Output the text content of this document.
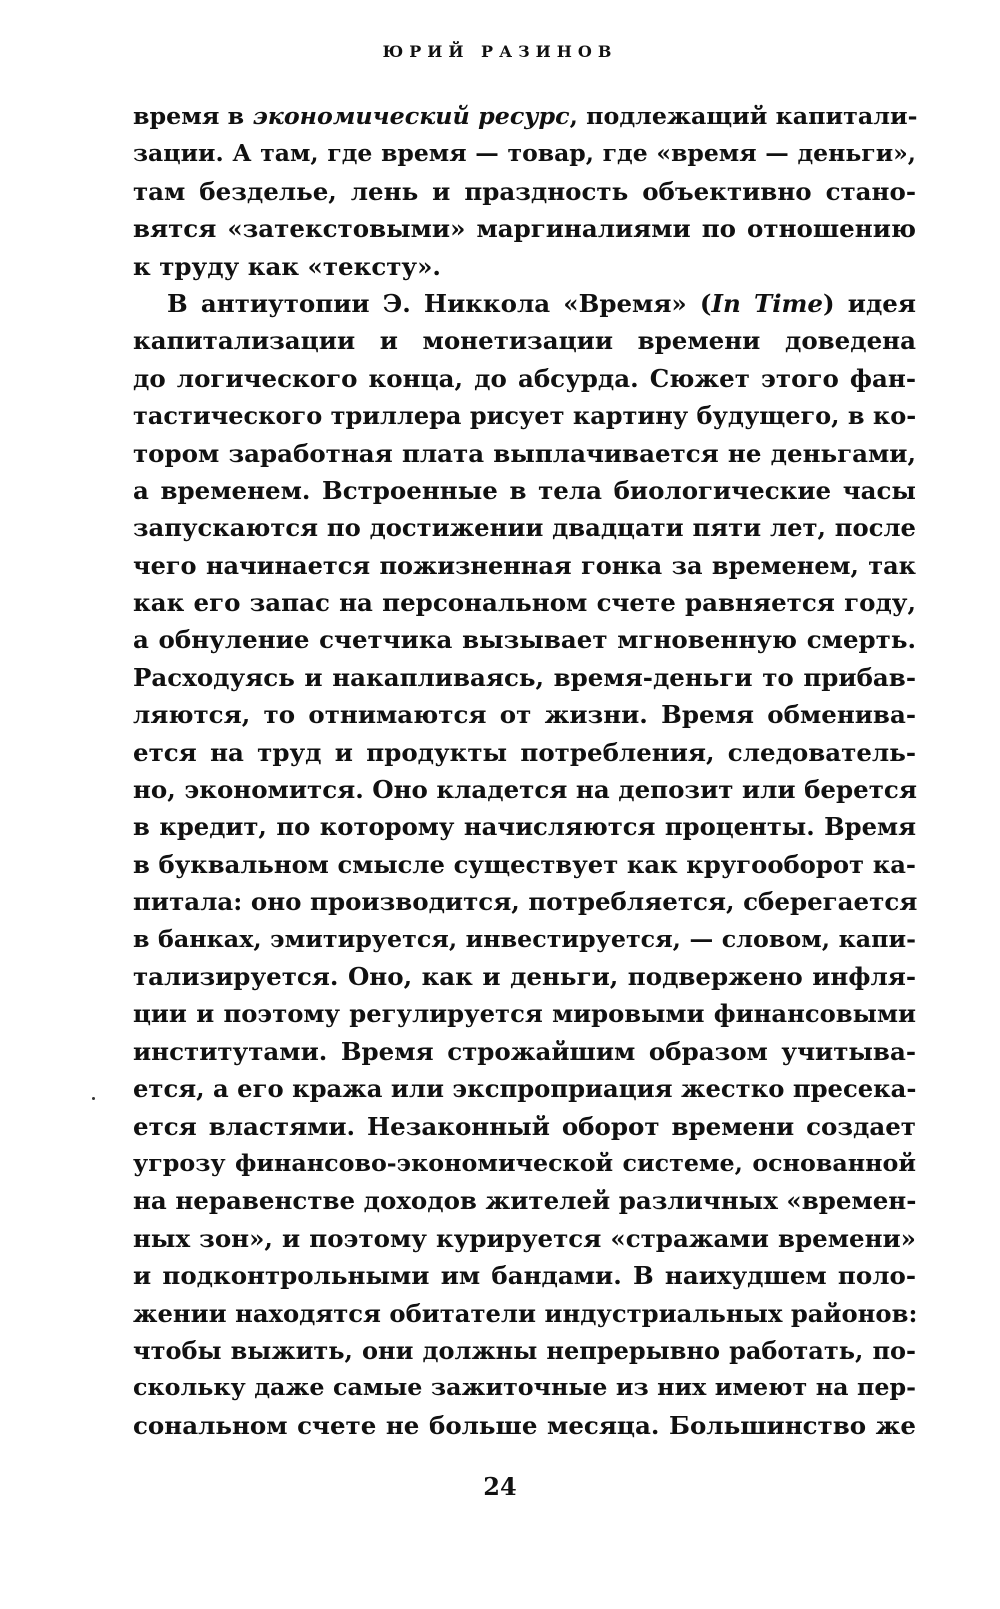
ЮРИЙ РАЗИНОВ
время в экономический ресурс, подлежащий капитали-
зации. А там, где время — товар, где «время — деньги»,
там безделье, лень и праздность объективно стано-
вятся «затекстовыми» маргиналиями по отношению
к труду как «тексту».
В антиутопии Э. Никкола «Время» (In Time) идея
капитализации и монетизации времени доведена
до логического конца, до абсурда. Сюжет этого фан-
тастического триллера рисует картину будущего, в ко-
тором заработная плата выплачивается не деньгами,
а временем. Встроенные в тела биологические часы
запускаются по достижении двадцати пяти лет, после
чего начинается пожизненная гонка за временем, так
как его запас на персональном счете равняется году,
а обнуление счетчика вызывает мгновенную смерть.
Расходуясь и накапливаясь, время-деньги то прибав-
ляются, то отнимаются от жизни. Время обменива-
ется на труд и продукты потребления, следователь-
но, экономится. Оно кладется на депозит или берется
в кредит, по которому начисляются проценты. Время
в буквальном смысле существует как кругооборот ка-
питала: оно производится, потребляется, сберегается
в банках, эмитируется, инвестируется, — словом, капи-
тализируется. Оно, как и деньги, подвержено инфля-
ции и поэтому регулируется мировыми финансовыми
институтами. Время строжайшим образом учитыва-
ется, а его кража или экспроприация жестко пресека-
ется властями. Незаконный оборот времени создает
угрозу финансово-экономической системе, основанной
на неравенстве доходов жителей различных «времен-
ных зон», и поэтому курируется «стражами времени»
и подконтрольными им бандами. В наихудшем поло-
жении находятся обитатели индустриальных районов:
чтобы выжить, они должны непрерывно работать, по-
скольку даже самые зажиточные из них имеют на пер-
сональном счете не больше месяца. Большинство же
24
